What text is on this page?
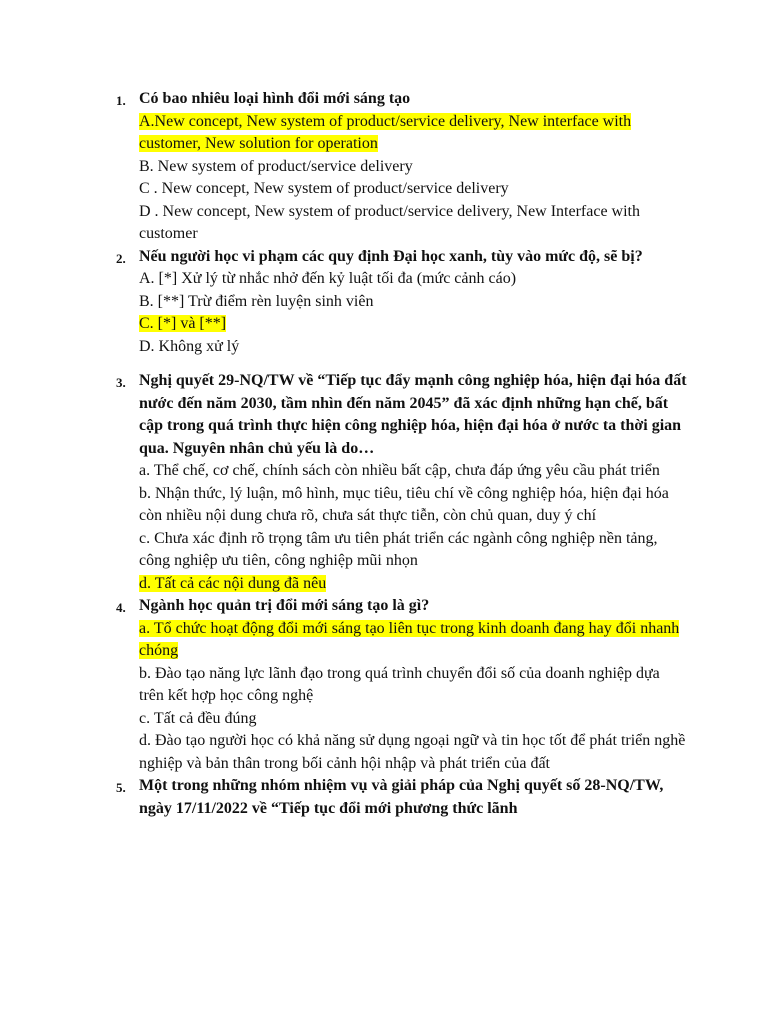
1. Có bao nhiêu loại hình đổi mới sáng tạo

A.New concept, New system of product/service delivery, New interface with customer, New solution for operation

B. New system of product/service delivery

C . New concept, New system of product/service delivery

D . New concept, New system of product/service delivery, New Interface with customer

2. Nếu người học vi phạm các quy định Đại học xanh, tùy vào mức độ, sẽ bị?

A. [*] Xử lý từ nhắc nhở đến kỷ luật tối đa (mức cảnh cáo)

B. [**] Trừ điểm rèn luyện sinh viên

C. [*] và [**]

D. Không xử lý

3. Nghị quyết 29-NQ/TW về “Tiếp tục đẩy mạnh công nghiệp hóa, hiện đại hóa đất nước đến năm 2030, tầm nhìn đến năm 2045” đã xác định những hạn chế, bất cập trong quá trình thực hiện công nghiệp hóa, hiện đại hóa ở nước ta thời gian qua. Nguyên nhân chủ yếu là do…

a. Thể chế, cơ chế, chính sách còn nhiều bất cập, chưa đáp ứng yêu cầu phát triển

b. Nhận thức, lý luận, mô hình, mục tiêu, tiêu chí về công nghiệp hóa, hiện đại hóa còn nhiều nội dung chưa rõ, chưa sát thực tiễn, còn chủ quan, duy ý chí

c. Chưa xác định rõ trọng tâm ưu tiên phát triển các ngành công nghiệp nền tảng, công nghiệp ưu tiên, công nghiệp mũi nhọn

d. Tất cả các nội dung đã nêu

4. Ngành học quản trị đổi mới sáng tạo là gì?

a. Tổ chức hoạt động đổi mới sáng tạo liên tục trong kinh doanh đang hay đổi nhanh chóng

b. Đào tạo năng lực lãnh đạo trong quá trình chuyển đổi số của doanh nghiệp dựa trên kết hợp học công nghệ

c. Tất cả đều đúng

d. Đào tạo người học có khả năng sử dụng ngoại ngữ và tin học tốt để phát triển nghề nghiệp và bản thân trong bối cảnh hội nhập và phát triển của đất

5. Một trong những nhóm nhiệm vụ và giải pháp của Nghị quyết số 28-NQ/TW, ngày 17/11/2022 về “Tiếp tục đổi mới phương thức lãnh
